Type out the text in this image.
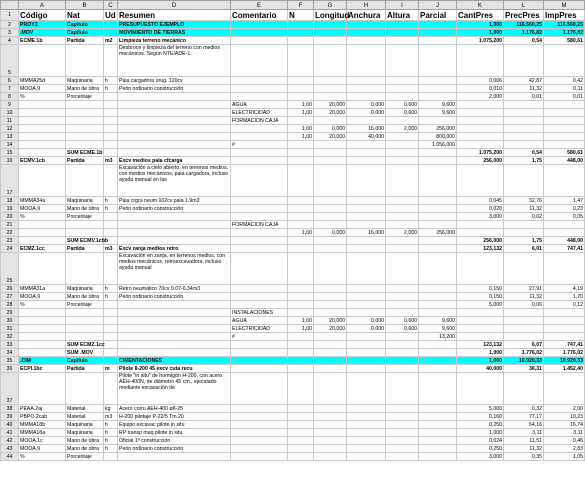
	A	B	C	D	E	F	G	H	I	J	K	L	M
1	Código	Nat	Ud	Resumen	Comentario	N	Longitud	Anchura	Altura	Parcial	CantPres	PrecPres	ImpPres
2	PROY3	Capítulo		PRESUPUESTO EJEMPLO							1,000	116.560,25	116.560,25
3	.MOV	Capítulo		MOVIMIENTO DE TIERRAS							1,000	1.176,82	1.176,82
4	ECME.1b	Partida	m2	Limpieza terreno mecánico							1.075,200	0,54	580,61
5				Desbroce y limpieza del terreno con medios mecánicos. Según NTE/ADE-1.									
6	MMMA25d	Maquinaria	h	Pala cargadora orug. 120cv							0,006	42,87	0,42
7	MOOA.9	Mano de obra	h	Peón ordinario construcción							0,010	11,32	0,11
8	%	Porcentaje									2,000	0,01	0,01
9					AGUA	1,00	20,000	0,000	0,600	9,600			
10					ELECTRICIDAD	1,00	20,000	0,000	0,600	9,600			
11					FORMACION CAJA								
12						1,00	0,000	16,000	2,000	256,000			
13						1,00	20,000	40,000		800,000			
14					#					1.056,000			
15		SUM ECME.1b									1.075,200	0,54	580,61
16	ECMV.1cb	Partida	m3	Excv medios pala cfcarga							256,000	1,75	448,00
17				Excavación a cielo abierto, en terrenos medios, con medios mecánicos, pala cargadora, incluso ayuda manual en las									
18	MMMA34a	Maquinaria	h	Pala crgra neum 102cv pala 1.9m3							0,045	32,76	1,47
19	MOOA.9	Mano de obra	h	Peón ordinario construcción							0,020	11,32	0,23
20	%	Porcentaje									3,000	0,02	0,05
21					FORMACION CAJA								
22						1,00	0,000	16,000	2,000	256,000			
23		SUM ECMV.1cbb									256,000	1,75	448,00
24	ECMZ.1cc	Partida	m3	Excv zanja medios retro							123,132	6,01	747,41
25				Excavación en zanja, en terrenos medios, con medios mecánicos, retroexcavadora, incluso ayuda manual									
26	MMMA31a	Maquinaria	h	Retro neumático 70cv 0.07-0.34m3							0,150	27,91	4,19
27	MOOA.9	Mano de obra	h	Peón ordinario construcción							0,150	11,32	1,70
28	%	Porcentaje									5,000	0,06	0,12
29					INSTALACIONES								
30					AGUA	1,00	20,000	0,000	0,600	9,600			
31					ELECTRICIDAD	1,00	20,000	0,000	0,600	9,600			
32					#					13,200			
33		SUM ECMZ.1cc									123,132	6,07	747,41
34		SUM .MOV									1,000	1.776,02	1.776,02
35	.CIM	Capítulo		CIMENTACIONES							1,000	10.920,33	10.920,33
36	ECPI.1bc	Partida	m	Pilote II-200 45 excv cuta recu							40,000	36,31	1.452,40
37				Pilote "in situ" de hormigón H-200, con acero AEH-400N, de diámetro 45 cm., ejecutado mediante excavación de									
38	PEAA.2aj	Material	kg	Acero corru AEH-400 ø6-25							5,000	0,32	2,00
39	PBPO.2cab	Material	m3	H-200 pilotaje P-22/5 Tm.20							0,160	77,17	10,23
40	MMMA18b	Maquinaria	h	Equipo excavac pilote in situ							0,250	64,16	16,74
41	MMMA18a	Maquinaria	h	RP transp maq pilote in situ							1,000	3,11	3,11
42	MOOA.1c	Mano de obra	h	Oficial 1ª construcción							0,024	11,51	0,46
43	MOOA.9	Mano de obra	h	Peón ordinario construcción							0,250	11,32	2,83
44	%	Porcentaje									3,000	0,35	1,05
